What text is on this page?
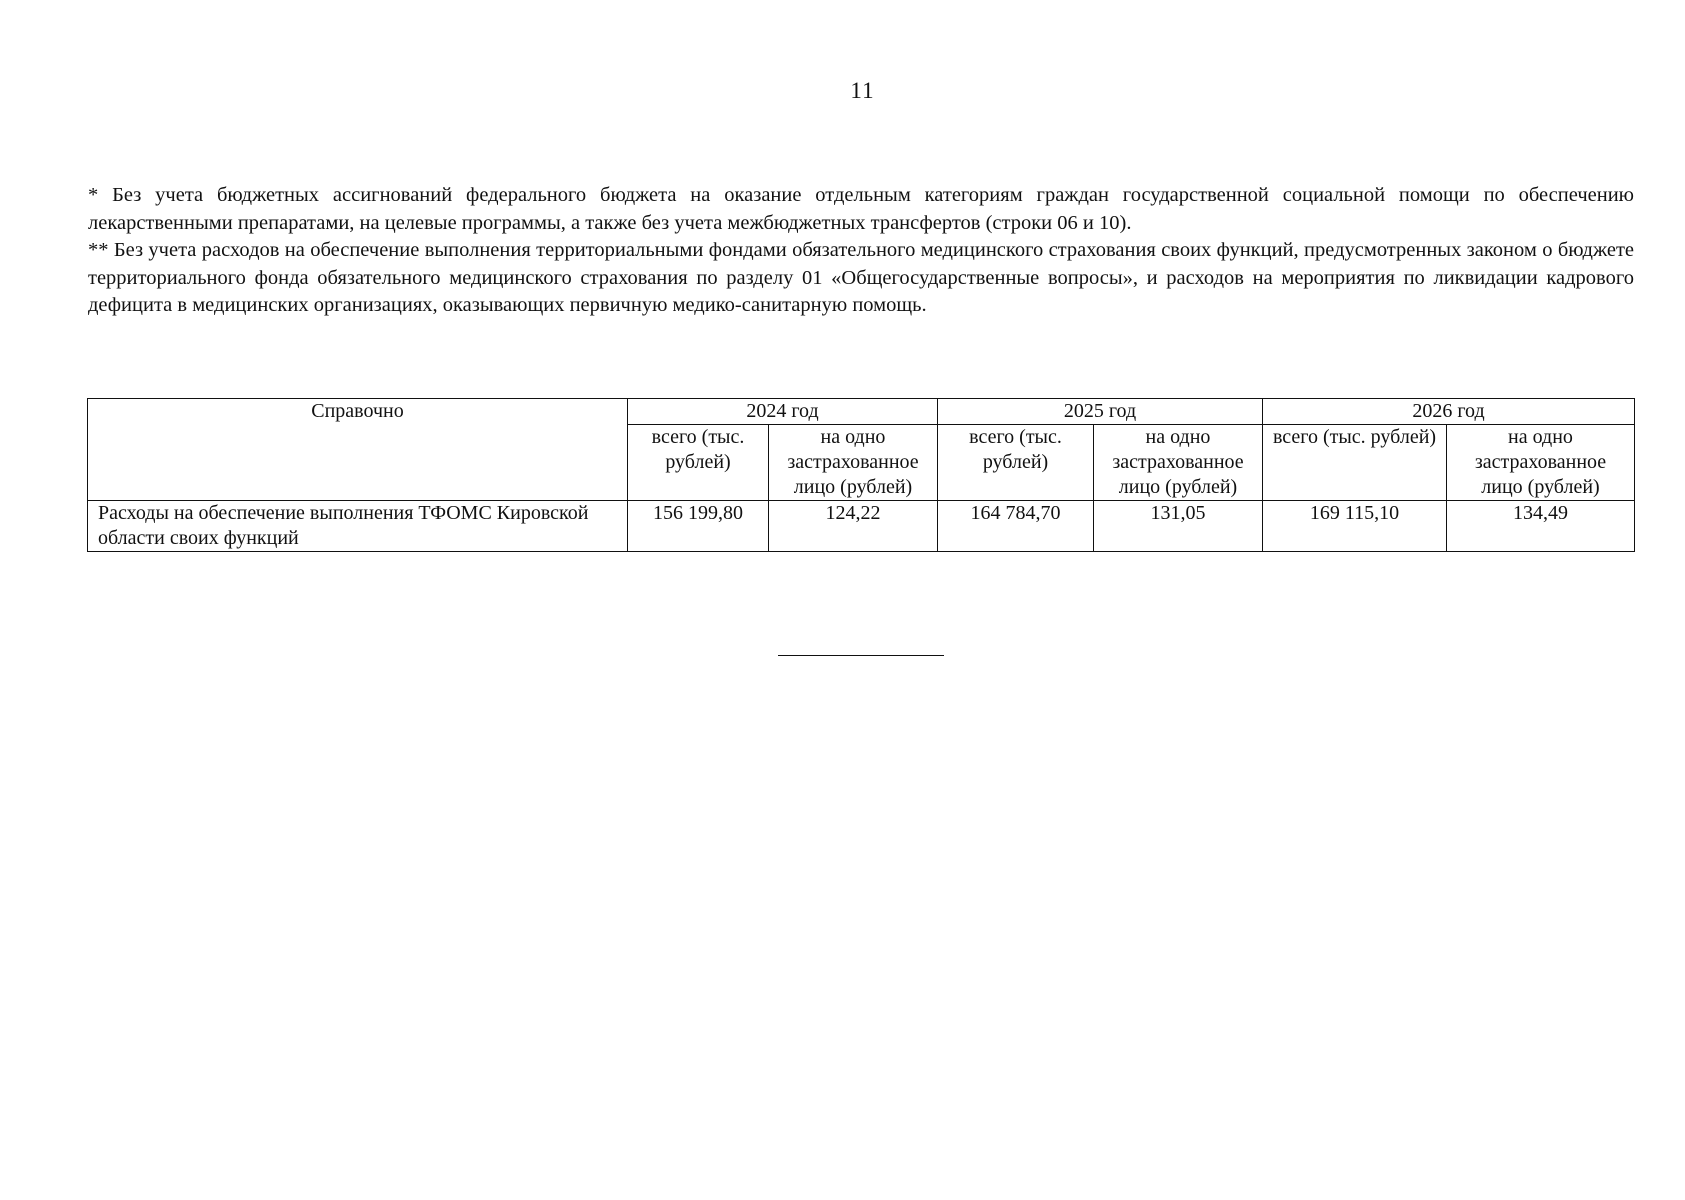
11

* Без учета бюджетных ассигнований федерального бюджета на оказание отдельным категориям граждан государственной социальной помощи по обеспечению лекарственными препаратами, на целевые программы, а также без учета межбюджетных трансфертов (строки 06 и 10).

** Без учета расходов на обеспечение выполнения территориальными фондами обязательного медицинского страхования своих функций, предусмотренных законом о бюджете территориального фонда обязательного медицинского страхования по разделу 01 «Общегосударственные вопросы», и расходов на мероприятия по ликвидации кадрового дефицита в медицинских организациях, оказывающих первичную медико-санитарную помощь.

Справочно	2024 год		2025 год		2026 год	
	всего (тыс. рублей)	на одно застрахованное лицо (рублей)	всего (тыс. рублей)	на одно застрахованное лицо (рублей)	всего (тыс. рублей)	на одно застрахованное лицо (рублей)
Расходы на обеспечение выполнения ТФОМС Кировской области своих функций	156 199,80	124,22	164 784,70	131,05	169 115,10	134,49
